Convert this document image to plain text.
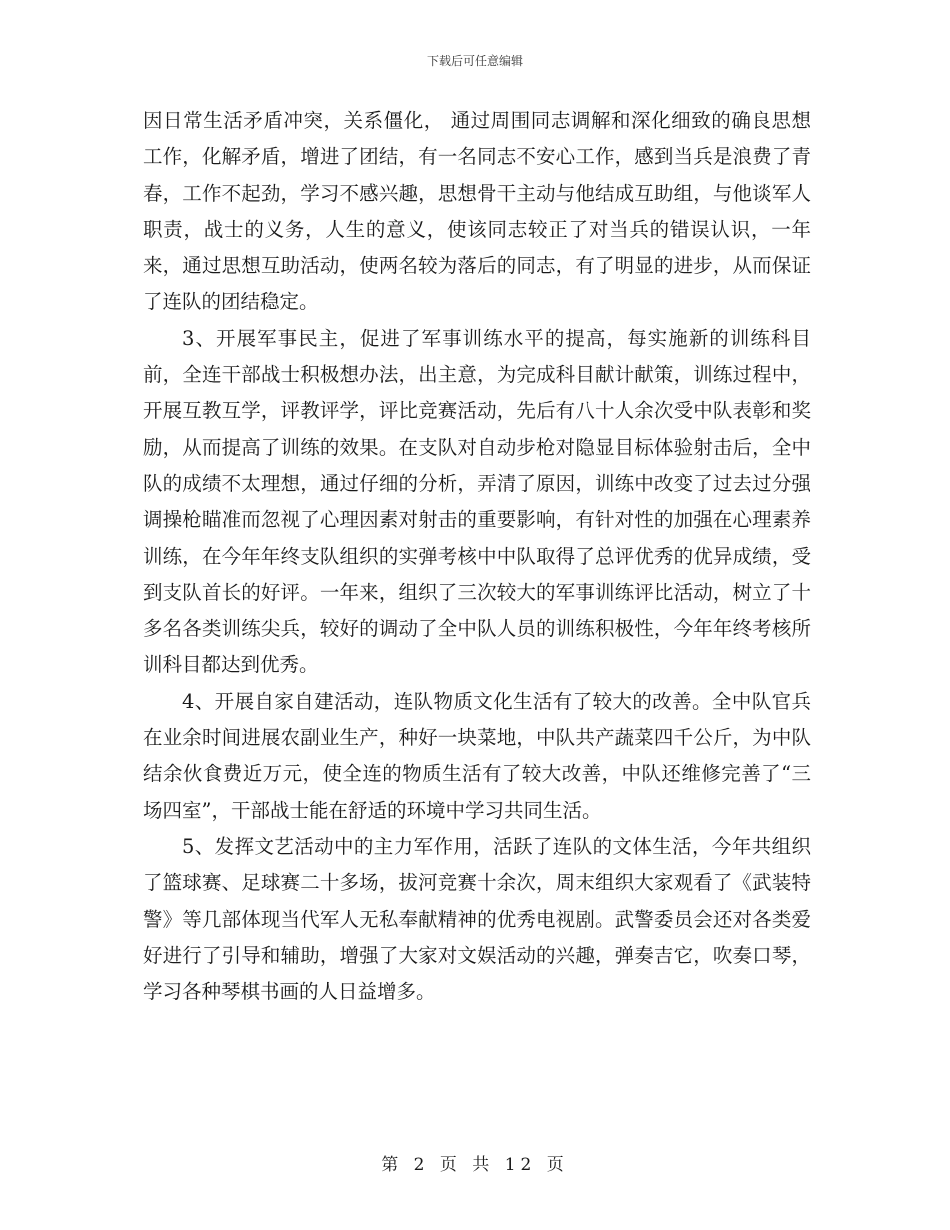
下载后可任意编辑

因日常生活矛盾冲突，关系僵化， 通过周围同志调解和深化细致的确良思想工作，化解矛盾，增进了团结，有一名同志不安心工作，感到当兵是浪费了青春，工作不起劲，学习不感兴趣，思想骨干主动与他结成互助组，与他谈军人职责，战士的义务，人生的意义，使该同志较正了对当兵的错误认识，一年来，通过思想互助活动，使两名较为落后的同志，有了明显的进步，从而保证了连队的团结稳定。

3、开展军事民主，促进了军事训练水平的提高，每实施新的训练科目前，全连干部战士积极想办法，出主意，为完成科目献计献策，训练过程中，开展互教互学，评教评学，评比竞赛活动，先后有八十人余次受中队表彰和奖励，从而提高了训练的效果。在支队对自动步枪对隐显目标体验射击后，全中队的成绩不太理想，通过仔细的分析，弄清了原因，训练中改变了过去过分强调操枪瞄准而忽视了心理因素对射击的重要影响，有针对性的加强在心理素养训练，在今年年终支队组织的实弹考核中中队取得了总评优秀的优异成绩，受到支队首长的好评。一年来，组织了三次较大的军事训练评比活动，树立了十多名各类训练尖兵，较好的调动了全中队人员的训练积极性，今年年终考核所训科目都达到优秀。

4、开展自家自建活动，连队物质文化生活有了较大的改善。全中队官兵在业余时间进展农副业生产，种好一块菜地，中队共产蔬菜四千公斤，为中队结余伙食费近万元，使全连的物质生活有了较大改善，中队还维修完善了“三场四室”，干部战士能在舒适的环境中学习共同生活。

5、发挥文艺活动中的主力军作用，活跃了连队的文体生活，今年共组织了篮球赛、足球赛二十多场，拔河竞赛十余次，周末组织大家观看了《武装特警》等几部体现当代军人无私奉献精神的优秀电视剧。武警委员会还对各类爱好进行了引导和辅助，增强了大家对文娱活动的兴趣，弹奏吉它，吹奏口琴，学习各种琴棋书画的人日益增多。

第 2 页 共 12 页
